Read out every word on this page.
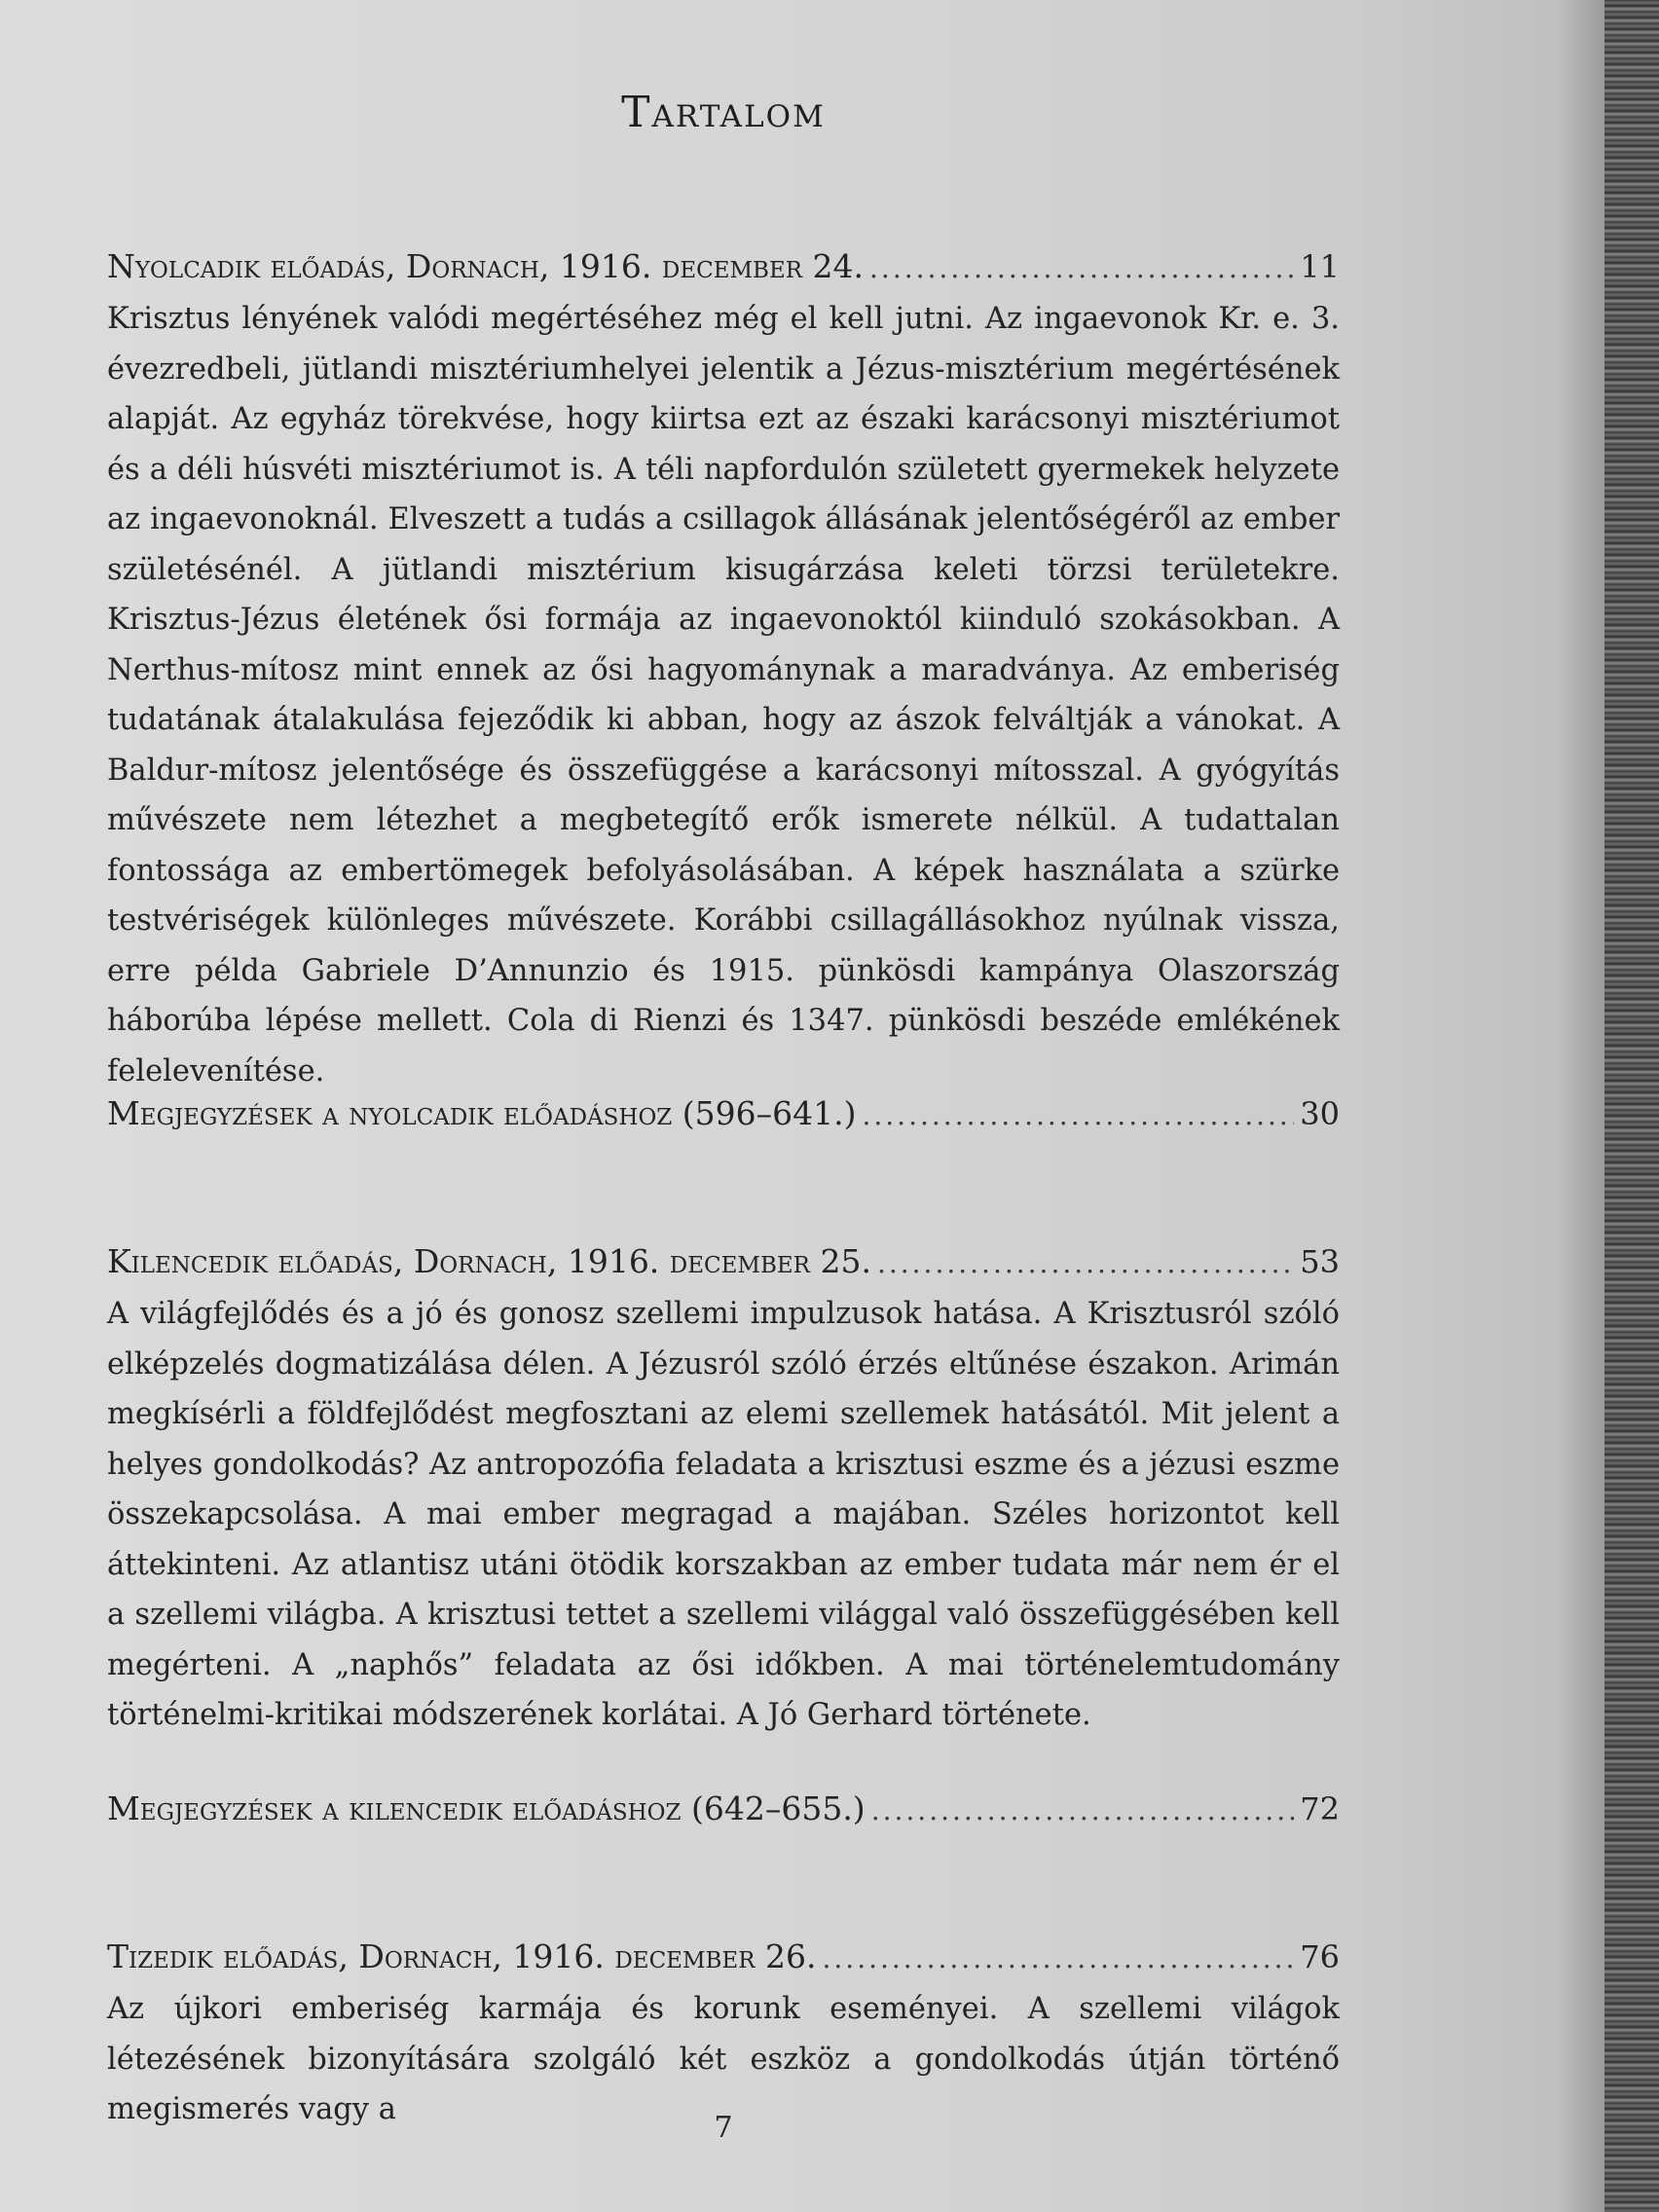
Tartalom
Nyolcadik előadás, Dornach, 1916. december 24. .....	11

Krisztus lényének valódi megértéséhez még el kell jutni. Az ingaevonok Kr. e. 3. évezredbeli, jütlandi misztériumhelyei jelentik a Jézus-misztérium megértésének alapját. Az egyház törekvése, hogy kiirtsa ezt az északi karácsonyi misztériumot és a déli húsvéti misztériumot is. A téli napfordulón született gyermekek helyzete az ingaevonoknál. Elveszett a tudás a csillagok állásának jelentőségéről az ember születésénél. A jütlandi misztérium kisugárzása keleti törzsi területekre. Krisztus-Jézus életének ősi formája az ingaevonoktól kiinduló szokásokban. A Nerthus-mítosz mint ennek az ősi hagyománynak a maradványa. Az emberiség tudatának átalakulása fejeződik ki abban, hogy az ászok felváltják a vánokat. A Baldur-mítosz jelentősége és összefüggése a karácsonyi mítosszal. A gyógyítás művészete nem létezhet a megbetegítő erők ismerete nélkül. A tudattalan fontossága az embertömegek befolyásolásában. A képek használata a szürke testvériségek különleges művészete. Korábbi csillagállásokhoz nyúlnak vissza, erre példa Gabriele D’Annunzio és 1915. pünkösdi kampánya Olaszország háborúba lépése mellett. Cola di Rienzi és 1347. pünkösdi beszéde emlékének felelevenítése.

Megjegyzések a nyolcadik előadáshoz (596–641.) .....	30
Kilencedik előadás, Dornach, 1916. december 25. .....	53

A világfejlődés és a jó és gonosz szellemi impulzusok hatása. A Krisztusról szóló elképzelés dogmatizálása délen. A Jézusról szóló érzés eltűnése északon. Arimán megkísérli a földfejlődést megfosztani az elemi szellemek hatásától. Mit jelent a helyes gondolkodás? Az antropozófia feladata a krisztusi eszme és a jézusi eszme összekapcsolása. A mai ember megragad a majában. Széles horizontot kell áttekinteni. Az atlantisz utáni ötödik korszakban az ember tudata már nem ér el a szellemi világba. A krisztusi tettet a szellemi világgal való összefüggésében kell megérteni. A „naphős” feladata az ősi időkben. A mai történelemtudomány történelmi-kritikai módszerének korlátai. A Jó Gerhard története.

Megjegyzések a kilencedik előadáshoz (642–655.) .....	72
Tizedik előadás, Dornach, 1916. december 26. .....	76

Az újkori emberiség karmája és korunk eseményei. A szellemi világok létezésének bizonyítására szolgáló két eszköz a gondolkodás útján történő megismerés vagy a

7
